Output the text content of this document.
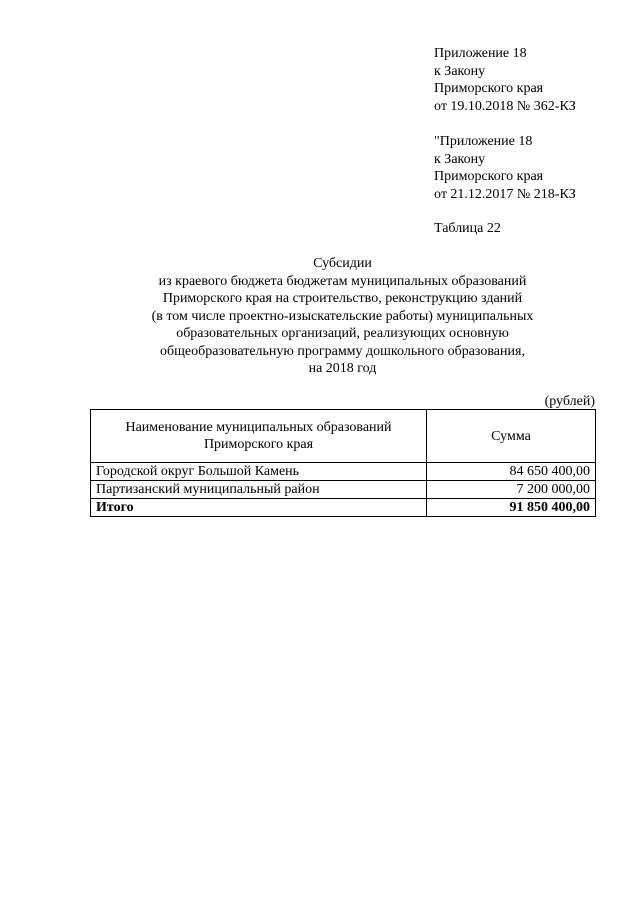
Приложение 18
к Закону
Приморского края
от 19.10.2018 № 362-КЗ
"Приложение 18
к Закону
Приморского края
от 21.12.2017 № 218-КЗ
Таблица 22
Субсидии
из краевого бюджета бюджетам муниципальных образований
Приморского края на строительство, реконструкцию зданий
(в том числе проектно-изыскательские работы) муниципальных
образовательных организаций, реализующих основную
общеобразовательную программу дошкольного образования,
на 2018 год
(рублей)
Наименование муниципальных образований
Приморского края	Сумма
Городской округ Большой Камень	84 650 400,00
Партизанский муниципальный район	7 200 000,00
Итого	91 850 400,00
